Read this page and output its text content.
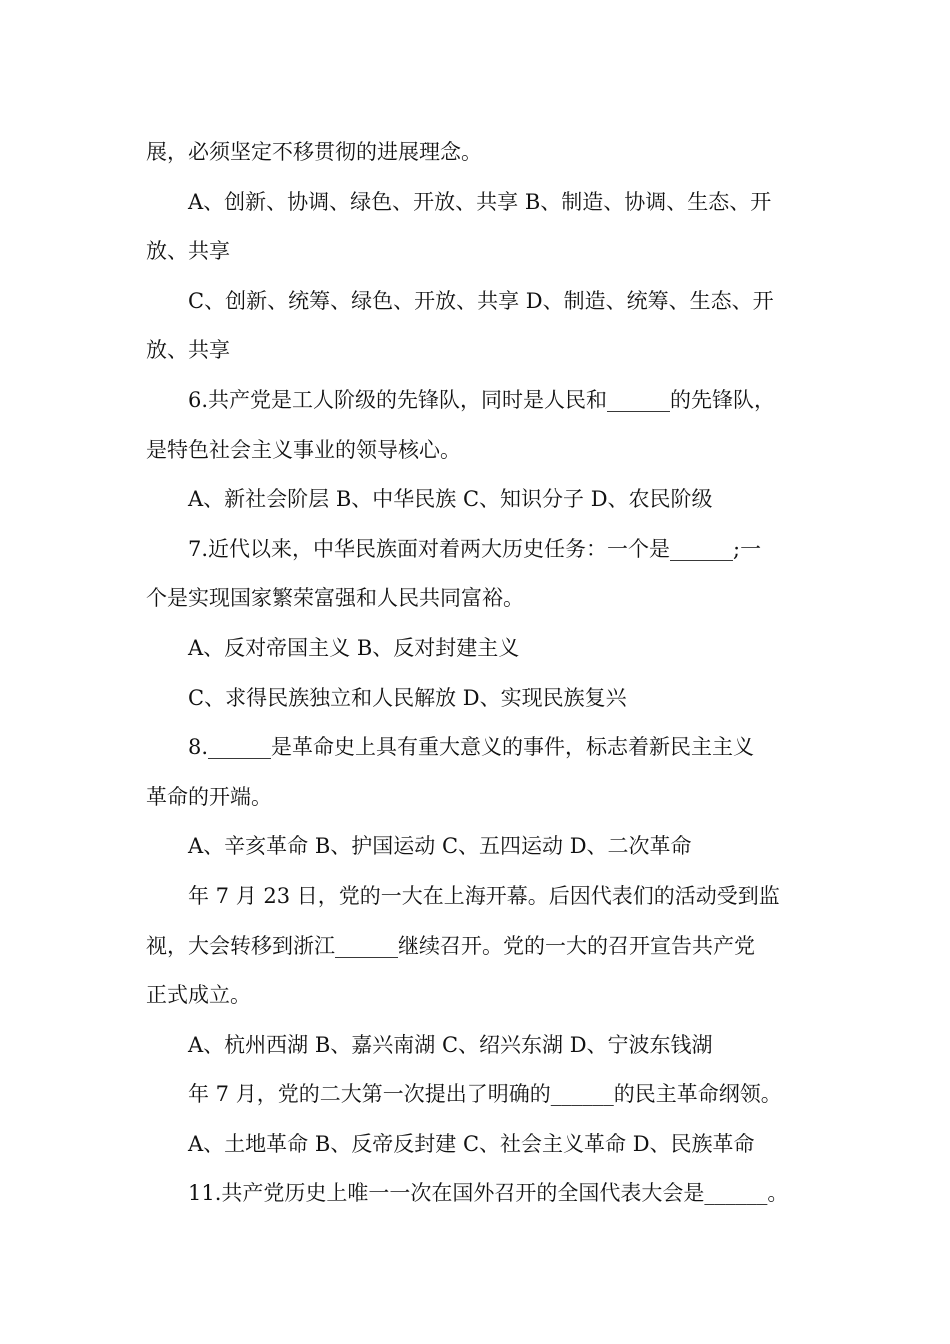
展，必须坚定不移贯彻的进展理念。
A、创新、协调、绿色、开放、共享 B、制造、协调、生态、开
放、共享
C、创新、统筹、绿色、开放、共享 D、制造、统筹、生态、开
放、共享
6.共产党是工人阶级的先锋队，同时是人民和______的先锋队，
是特色社会主义事业的领导核心。
A、新社会阶层 B、中华民族 C、知识分子 D、农民阶级
7.近代以来，中华民族面对着两大历史任务：一个是______;一
个是实现国家繁荣富强和人民共同富裕。
A、反对帝国主义 B、反对封建主义
C、求得民族独立和人民解放 D、实现民族复兴
8.______是革命史上具有重大意义的事件，标志着新民主主义
革命的开端。
A、辛亥革命 B、护国运动 C、五四运动 D、二次革命
年 7 月 23 日，党的一大在上海开幕。后因代表们的活动受到监
视，大会转移到浙江______继续召开。党的一大的召开宣告共产党
正式成立。
A、杭州西湖 B、嘉兴南湖 C、绍兴东湖 D、宁波东钱湖
年 7 月，党的二大第一次提出了明确的______的民主革命纲领。
A、土地革命 B、反帝反封建 C、社会主义革命 D、民族革命
11.共产党历史上唯一一次在国外召开的全国代表大会是______。
